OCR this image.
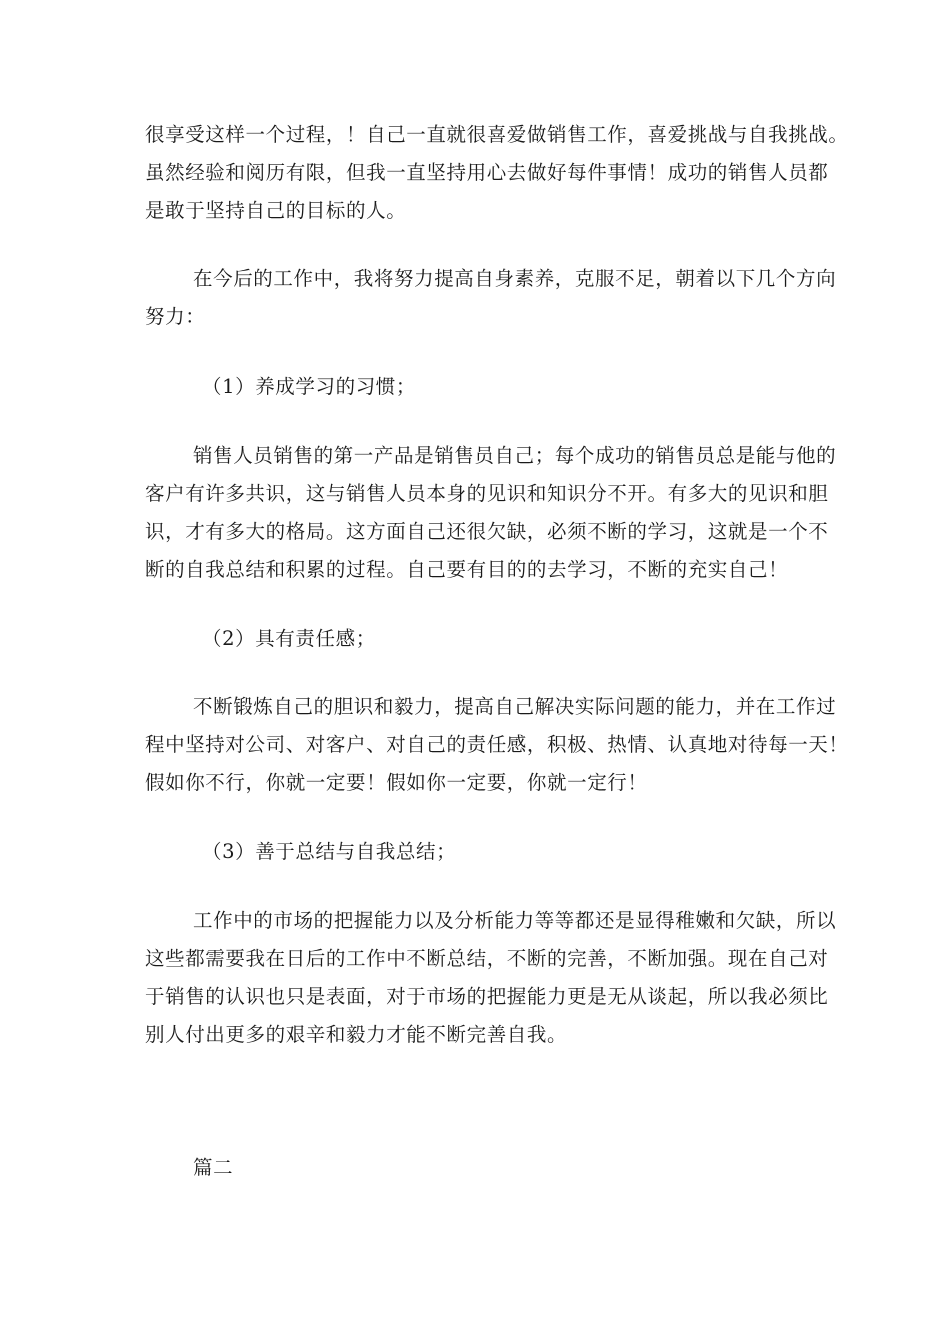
很享受这样一个过程，！自己一直就很喜爱做销售工作，喜爱挑战与自我挑战。
虽然经验和阅历有限，但我一直坚持用心去做好每件事情！成功的销售人员都
是敢于坚持自己的目标的人。
在今后的工作中，我将努力提高自身素养，克服不足，朝着以下几个方向
努力：
（1）养成学习的习惯；
销售人员销售的第一产品是销售员自己；每个成功的销售员总是能与他的
客户有许多共识，这与销售人员本身的见识和知识分不开。有多大的见识和胆
识，才有多大的格局。这方面自己还很欠缺，必须不断的学习，这就是一个不
断的自我总结和积累的过程。自己要有目的的去学习，不断的充实自己！
（2）具有责任感；
不断锻炼自己的胆识和毅力，提高自己解决实际问题的能力，并在工作过
程中坚持对公司、对客户、对自己的责任感，积极、热情、认真地对待每一天！
假如你不行，你就一定要！假如你一定要，你就一定行！
（3）善于总结与自我总结；
工作中的市场的把握能力以及分析能力等等都还是显得稚嫩和欠缺，所以
这些都需要我在日后的工作中不断总结，不断的完善，不断加强。现在自己对
于销售的认识也只是表面，对于市场的把握能力更是无从谈起，所以我必须比
别人付出更多的艰辛和毅力才能不断完善自我。
篇二
